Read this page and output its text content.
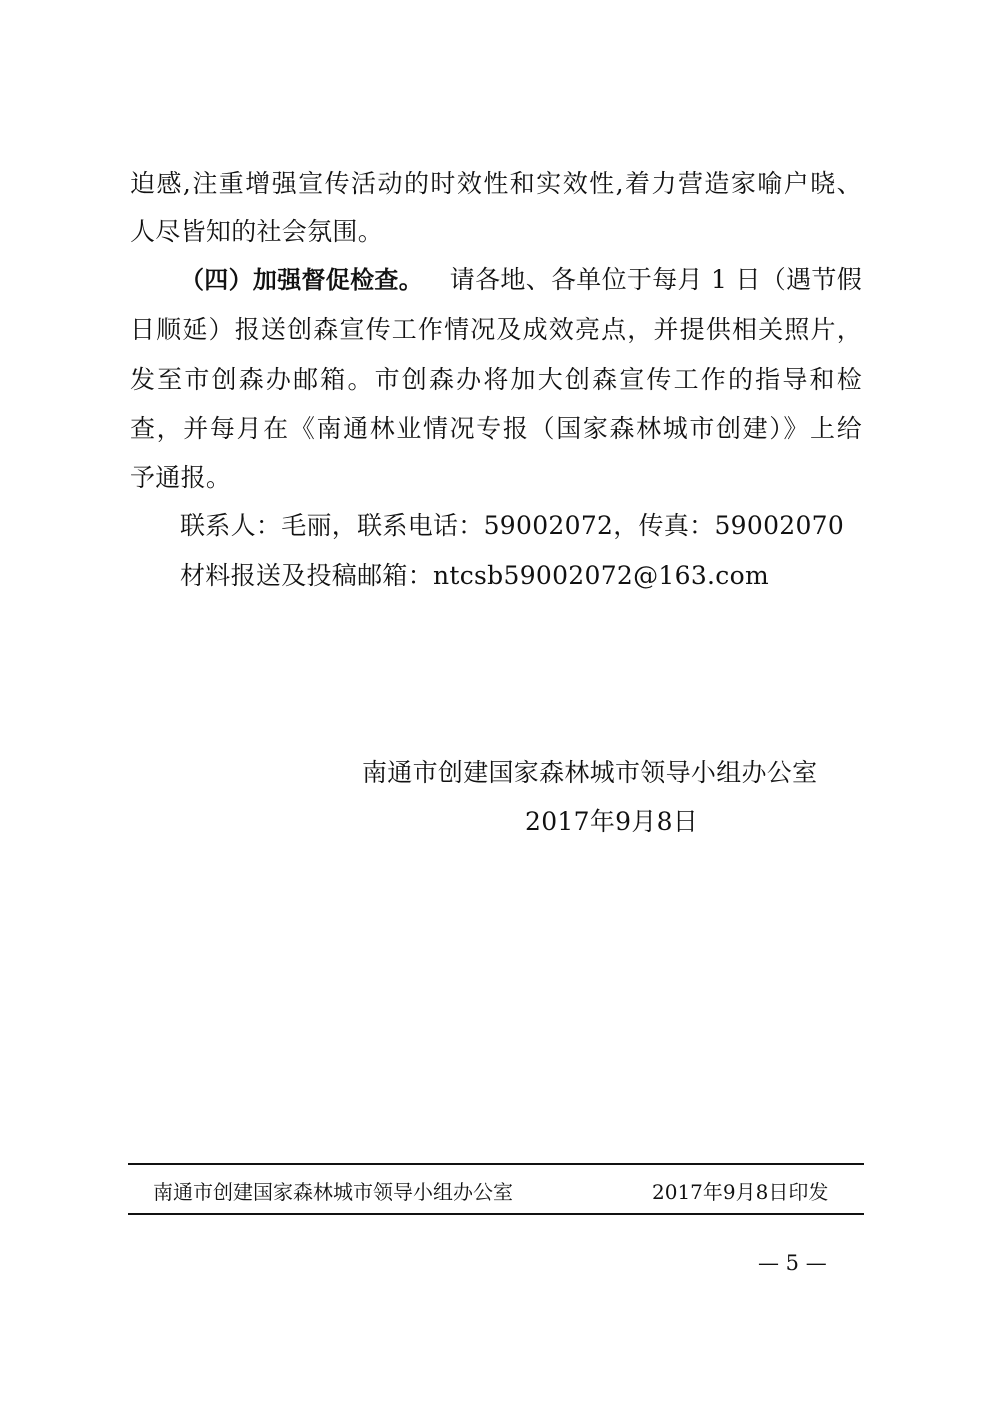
迫感,注重增强宣传活动的时效性和实效性,着力营造家喻户晓、
人尽皆知的社会氛围。
（四）加强督促检查。 请各地、各单位于每月 1 日（遇节假
日顺延）报送创森宣传工作情况及成效亮点，并提供相关照片，
发至市创森办邮箱。市创森办将加大创森宣传工作的指导和检
查，并每月在《南通林业情况专报（国家森林城市创建）》上给
予通报。
联系人：毛丽，联系电话：59002072，传真：59002070
材料报送及投稿邮箱：ntcsb59002072@163.com
南通市创建国家森林城市领导小组办公室
2017年9月8日
南通市创建国家森林城市领导小组办公室	2017年9月8日印发
— 5 —
